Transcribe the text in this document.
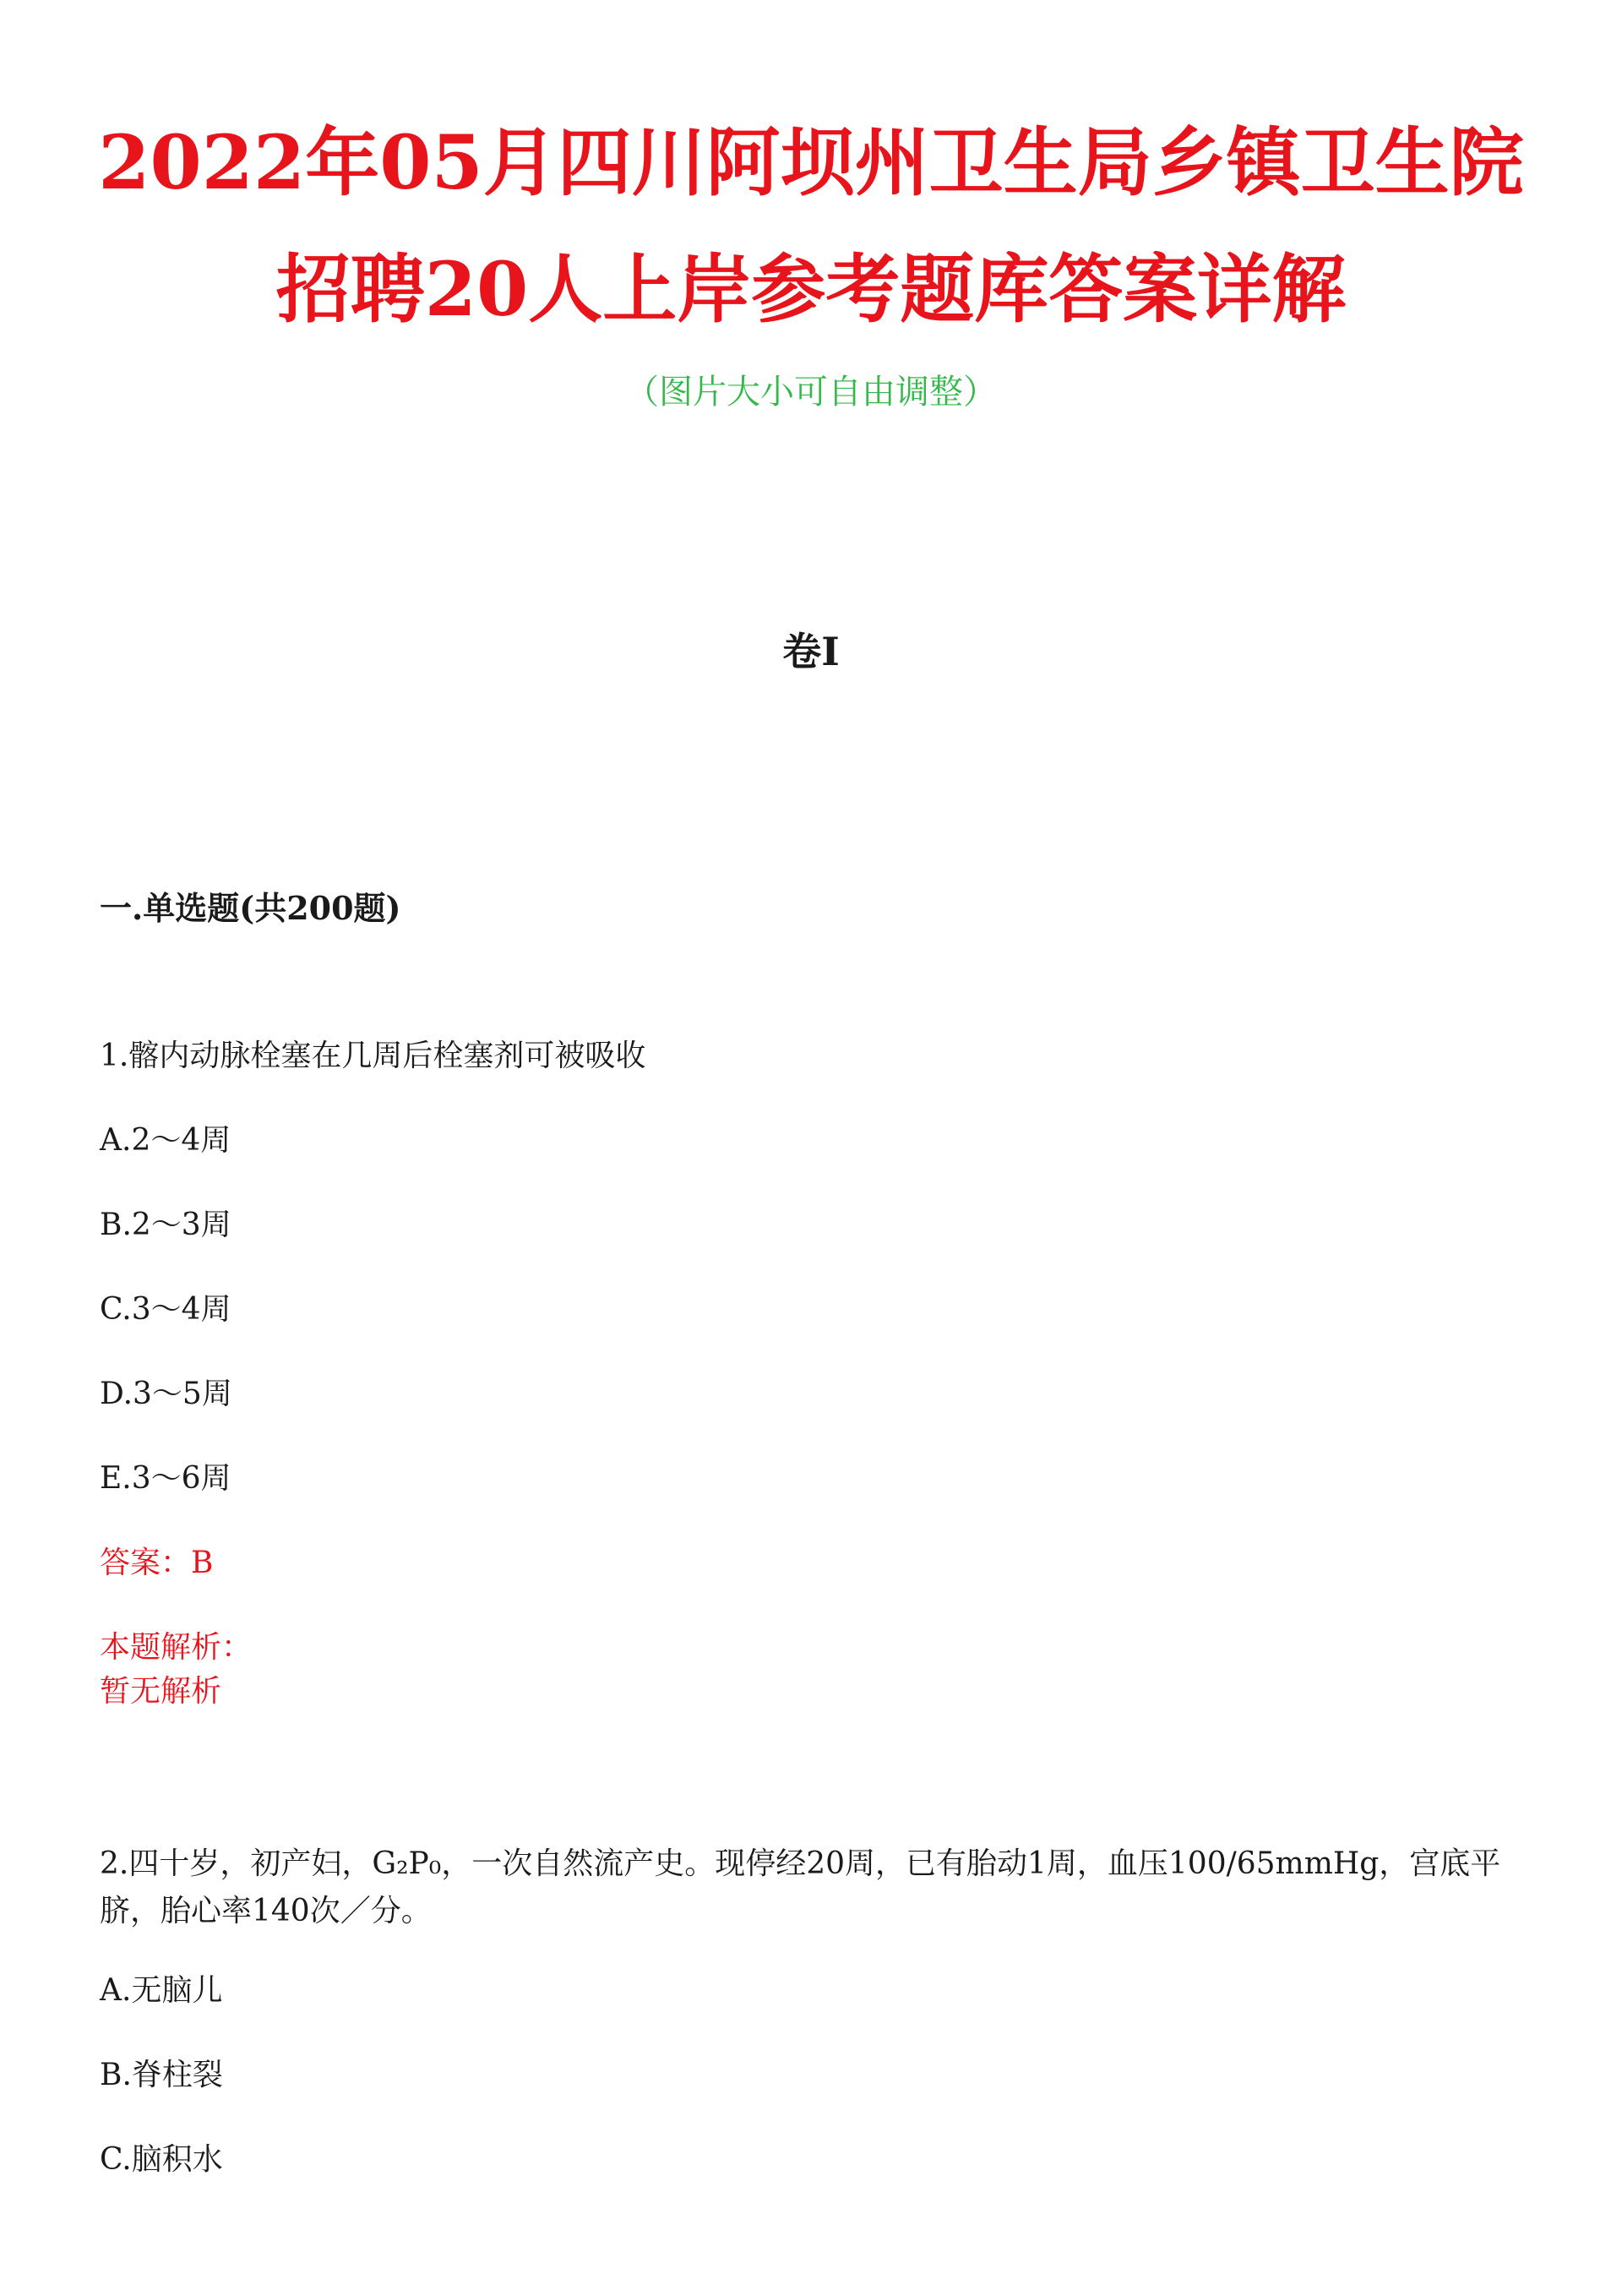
2022年05月四川阿坝州卫生局乡镇卫生院
招聘20人上岸参考题库答案详解
（图片大小可自由调整）
卷I
一.单选题(共200题)
1.髂内动脉栓塞在几周后栓塞剂可被吸收
A.2～4周
B.2～3周
C.3～4周
D.3～5周
E.3～6周
答案：B
本题解析：
暂无解析
2.四十岁，初产妇，G₂P₀，一次自然流产史。现停经20周，已有胎动1周，血压100/65mmHg，宫底平脐，胎心率140次／分。
A.无脑儿
B.脊柱裂
C.脑积水
